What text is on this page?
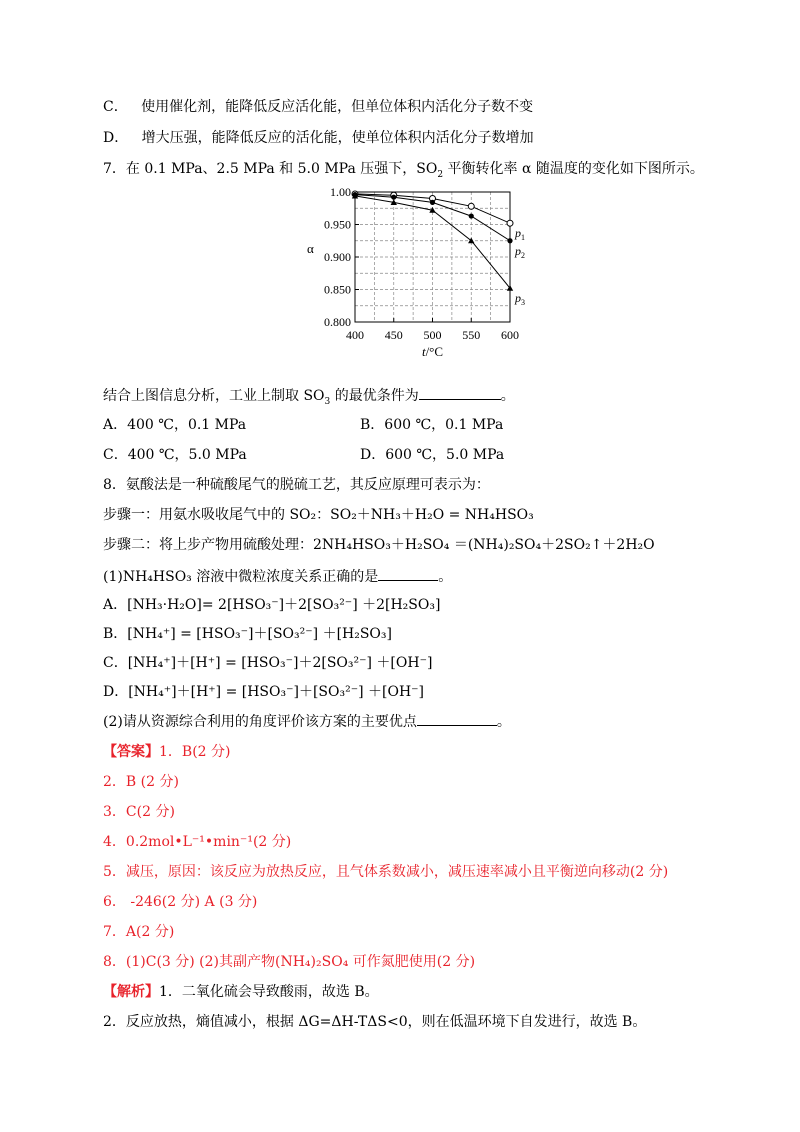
C． 使用催化剂，能降低反应活化能，但单位体积内活化分子数不变
D． 增大压强，能降低反应的活化能，使单位体积内活化分子数增加
7．在 0.1 MPa、2.5 MPa 和 5.0 MPa 压强下，$SO_2$ 平衡转化率 α 随温度的变化如下图所示。
400 450 500 550 600
0.800
0.850
0.900
0.950
1.00
α
t/°C
$p_1$
$p_2$
$p_3$
结合上图信息分析，工业上制取 $SO_3$ 的最优条件为	。
A．400 ℃，0.1 MPa	B．600 ℃，0.1 MPa
C．400 ℃，5.0 MPa	D．600 ℃，5.0 MPa
8．氨酸法是一种硫酸尾气的脱硫工艺，其反应原理可表示为：
步骤一：用氨水吸收尾气中的 SO₂：SO₂＋NH₃＋H₂O = NH₄HSO₃
步骤二：将上步产物用硫酸处理：2NH₄HSO₃＋H₂SO₄ ＝(NH₄)₂SO₄＋2SO₂↑＋2H₂O
(1)NH₄HSO₃ 溶液中微粒浓度关系正确的是	。
A．[NH₃·H₂O]= 2[HSO₃⁻]＋2[SO₃²⁻] ＋2[H₂SO₃]
B．[NH₄⁺] = [HSO₃⁻]＋[SO₃²⁻] ＋[H₂SO₃]
C．[NH₄⁺]＋[H⁺] = [HSO₃⁻]＋2[SO₃²⁻] ＋[OH⁻]
D．[NH₄⁺]＋[H⁺] = [HSO₃⁻]＋[SO₃²⁻] ＋[OH⁻]
(2)请从资源综合利用的角度评价该方案的主要优点	。
【答案】1．B(2 分)
2．B (2 分)
3．C(2 分)
4．0.2mol•L⁻¹•min⁻¹(2 分)
5．减压，原因：该反应为放热反应，且气体系数减小，减压速率减小且平衡逆向移动(2 分)
6． -246(2 分) A (3 分)
7．A(2 分)
8．(1)C(3 分) (2)其副产物(NH₄)₂SO₄ 可作氮肥使用(2 分)
【解析】1．二氧化硫会导致酸雨，故选 B。
2．反应放热，熵值减小，根据 ΔG=ΔH-TΔS<0，则在低温环境下自发进行，故选 B。
